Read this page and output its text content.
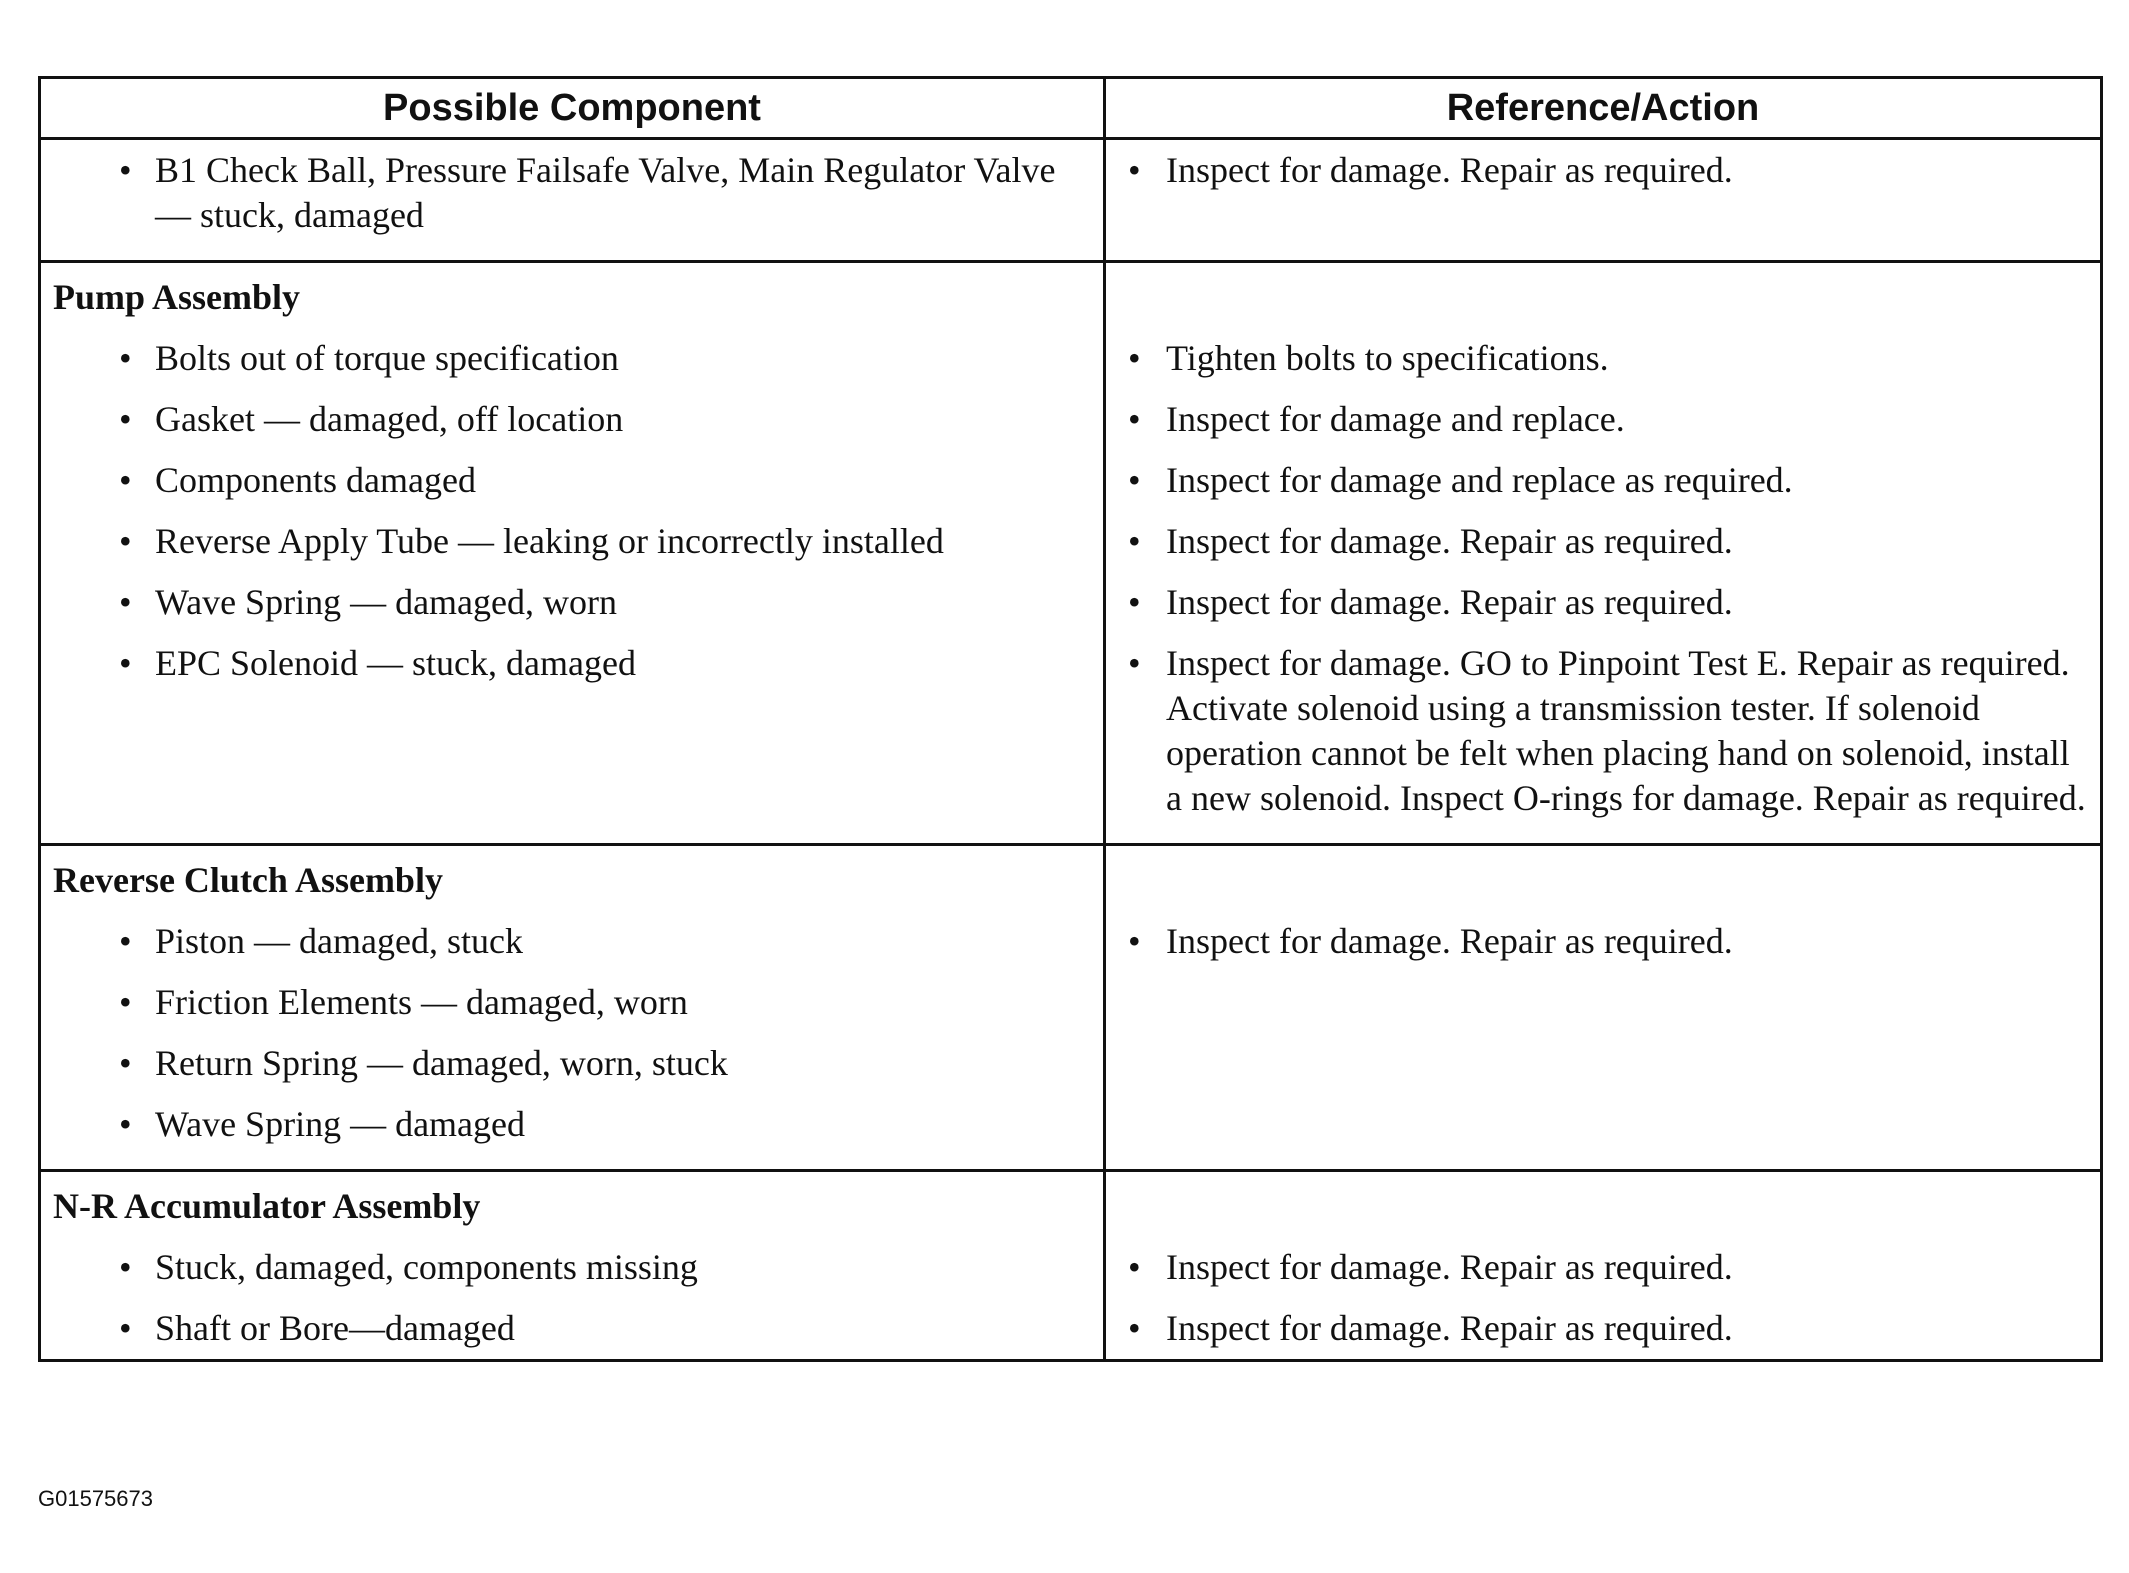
Possible Component	Reference/Action

• B1 Check Ball, Pressure Failsafe Valve, Main Regulator Valve — stuck, damaged	• Inspect for damage. Repair as required.

Pump Assembly	

• Bolts out of torque specification	• Tighten bolts to specifications.

• Gasket — damaged, off location	• Inspect for damage and replace.

• Components damaged	• Inspect for damage and replace as required.

• Reverse Apply Tube — leaking or incorrectly installed	• Inspect for damage. Repair as required.

• Wave Spring — damaged, worn	• Inspect for damage. Repair as required.

• EPC Solenoid — stuck, damaged	• Inspect for damage. GO to Pinpoint Test E. Repair as required. Activate solenoid using a transmission tester. If solenoid operation cannot be felt when placing hand on solenoid, install a new solenoid. Inspect O-rings for damage. Repair as required.

Reverse Clutch Assembly	

• Piston — damaged, stuck	• Inspect for damage. Repair as required.

• Friction Elements — damaged, worn	

• Return Spring — damaged, worn, stuck	

• Wave Spring — damaged	

N-R Accumulator Assembly	

• Stuck, damaged, components missing	• Inspect for damage. Repair as required.

• Shaft or Bore—damaged	• Inspect for damage. Repair as required.
G01575673
